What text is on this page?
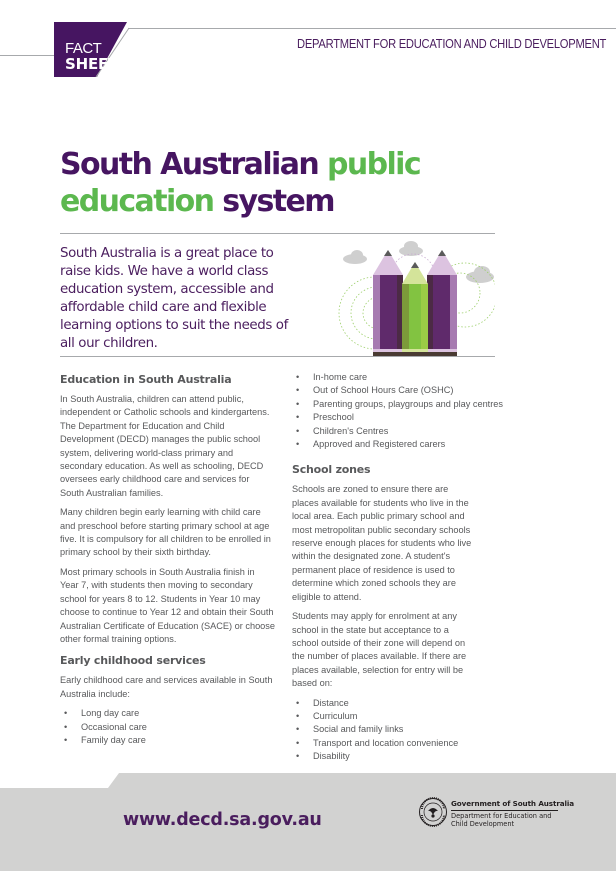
FACT
SHEET
DEPARTMENT FOR EDUCATION AND CHILD DEVELOPMENT
South Australian public
education system
South Australia is a great place to raise kids. We have a world class education system, accessible and affordable child care and flexible learning options to suit the needs of all our children.
Education in South Australia

In South Australia, children can attend public, independent or Catholic schools and kindergartens. The Department for Education and Child Development (DECD) manages the public school system, delivering world-class primary and secondary education. As well as schooling, DECD oversees early childhood care and services for South Australian families.

Many children begin early learning with child care and preschool before starting primary school at age five. It is compulsory for all children to be enrolled in primary school by their sixth birthday.

Most primary schools in South Australia finish in Year 7, with students then moving to secondary school for years 8 to 12. Students in Year 10 may choose to continue to Year 12 and obtain their South Australian Certificate of Education (SACE) or choose other formal training options.

Early childhood services

Early childhood care and services available in South Australia include:

• Long day care
• Occasional care
• Family day care
• In-home care
• Out of School Hours Care (OSHC)
• Parenting groups, playgroups and play centres
• Preschool
• Children's Centres
• Approved and Registered carers
School zones

Schools are zoned to ensure there are places available for students who live in the local area. Each public primary school and most metropolitan public secondary schools reserve enough places for students who live within the designated zone. A student's permanent place of residence is used to determine which zoned schools they are eligible to attend.

Students may apply for enrolment at any school in the state but acceptance to a school outside of their zone will depend on the number of places available. If there are places available, selection for entry will be based on:

• Distance
• Curriculum
• Social and family links
• Transport and location convenience
• Disability
www.decd.sa.gov.au
Government of South Australia
Department for Education and Child Development
